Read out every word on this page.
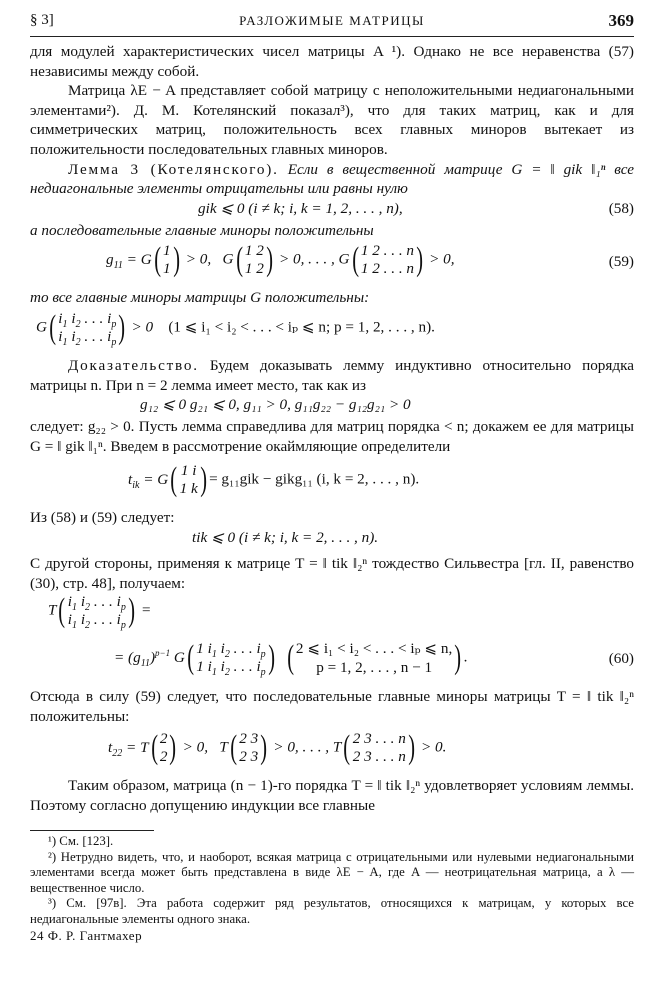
§ 3]	РАЗЛОЖИМЫЕ МАТРИЦЫ	369

для модулей характеристических чисел матрицы A ¹). Однако не все неравенства (57) независимы между собой.

Матрица λE − A представляет собой матрицу с неположительными недиагональными элементами²). Д. М. Котелянский показал³), что для таких матриц, как и для симметрических матриц, положительность всех главных миноров вытекает из положительности последовательных главных миноров.

Лемма 3 (Котелянского). Если в вещественной матрице G = ‖ gik ‖₁ⁿ все недиагональные элементы отрицательны или равны нулю

gik ⩽ 0 (i ≠ k; i, k = 1, 2, . . . , n),	(58)

а последовательные главные миноры положительны

$g_{11} = G$ ( 1
1 ) > 0,   G ( 1 2
1 2 ) > 0, . . . , G ( 1 2 . . . n
1 2 . . . n ) > 0,	(59)

то все главные миноры матрицы G положительны:

G ( $i_1$ $i_2$ . . . $i_p$
$i_1$ $i_2$ . . . $i_p$ ) > 0    (1 ⩽ i₁ < i₂ < . . . < iₚ ⩽ n; p = 1, 2, . . . , n).

Доказательство. Будем доказывать лемму индуктивно относительно порядка матрицы n. При n = 2 лемма имеет место, так как из

g₁₂ ⩽ 0 g₂₁ ⩽ 0, g₁₁ > 0, g₁₁g₂₂ − g₁₂g₂₁ > 0

следует: g₂₂ > 0. Пусть лемма справедлива для матриц порядка < n; докажем ее для матрицы G = ‖ gik ‖₁ⁿ. Введем в рассмотрение окаймляющие определители

$t_{ik} = G$ ( 1 i
1 k ) = g₁₁gik − gikg₁₁ (i, k = 2, . . . , n).

Из (58) и (59) следует:

tik ⩽ 0 (i ≠ k; i, k = 2, . . . , n).

С другой стороны, применяя к матрице T = ‖ tik ‖₂ⁿ тождество Сильвестра [гл. II, равенство (30), стр. 48], получаем:

T ( $i_1$ $i_2$ . . . $i_p$
$i_1$ $i_2$ . . . $i_p$ ) =
= $(g_{11})^{p-1}$ G ( 1 $i_1$ $i_2$ . . . $i_p$
1 $i_1$ $i_2$ . . . $i_p$ )
( 2 ⩽ i₁ < i₂ < . . . < iₚ ⩽ n,
p = 1, 2, . . . , n − 1 ) .	(60)

Отсюда в силу (59) следует, что последовательные главные миноры матрицы T = ‖ tik ‖₂ⁿ положительны:

$t_{22} = T$ ( 2
2 ) > 0,   T ( 2 3
2 3 ) > 0, . . . , T ( 2 3 . . . n
2 3 . . . n ) > 0.

Таким образом, матрица (n − 1)-го порядка T = ‖ tik ‖₂ⁿ удовлетворяет условиям леммы. Поэтому согласно допущению индукции все главные

¹) См. [123].

²) Нетрудно видеть, что, и наоборот, всякая матрица с отрицательными или нулевыми недиагональными элементами всегда может быть представлена в виде λE − A, где A — неотрицательная матрица, а λ — вещественное число.

³) См. [97в]. Эта работа содержит ряд результатов, относящихся к матрицам, у которых все недиагональные элементы одного знака.

24 Ф. Р. Гантмахер
